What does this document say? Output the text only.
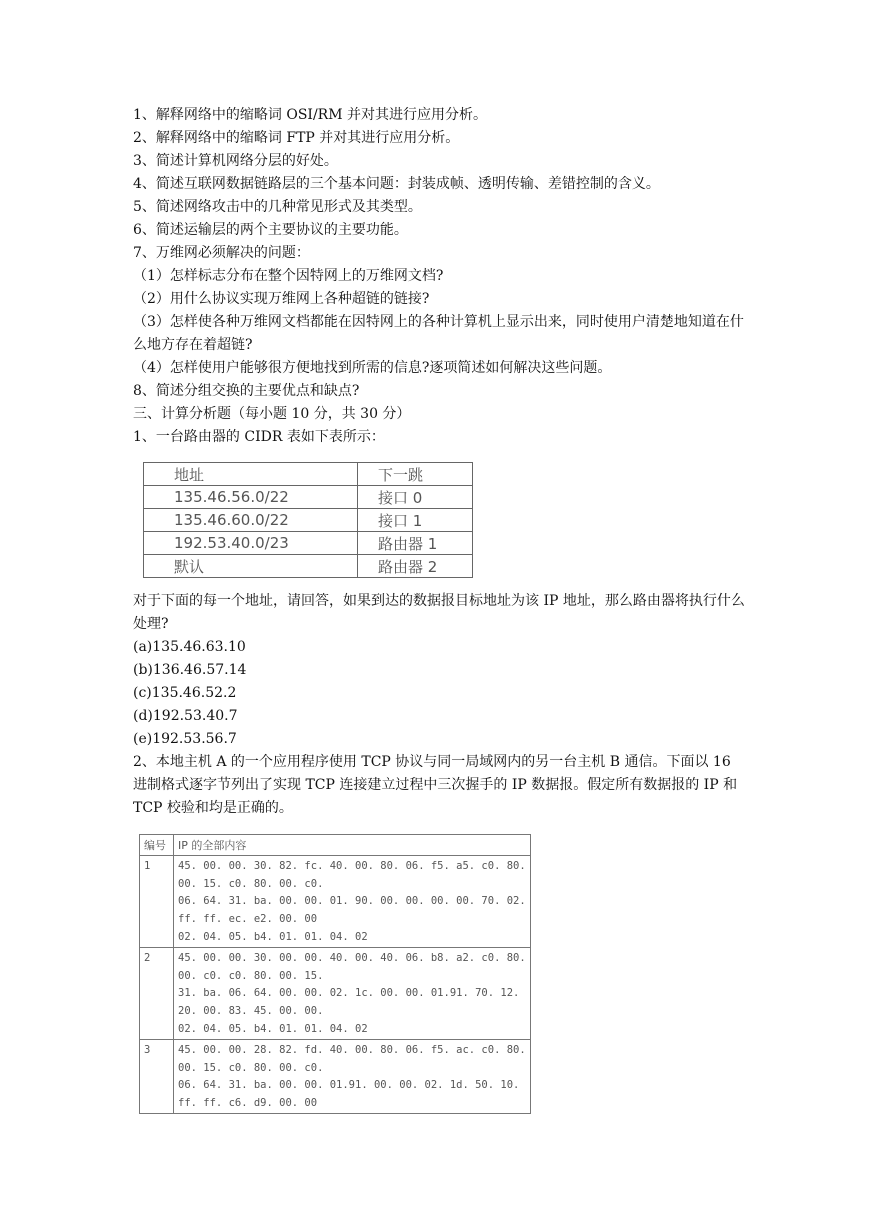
1、解释网络中的缩略词 OSI/RM 并对其进行应用分析。
2、解释网络中的缩略词 FTP 并对其进行应用分析。
3、简述计算机网络分层的好处。
4、简述互联网数据链路层的三个基本问题：封装成帧、透明传输、差错控制的含义。
5、简述网络攻击中的几种常见形式及其类型。
6、简述运输层的两个主要协议的主要功能。
7、万维网必须解决的问题：
（1）怎样标志分布在整个因特网上的万维网文档?
（2）用什么协议实现万维网上各种超链的链接?
（3）怎样使各种万维网文档都能在因特网上的各种计算机上显示出来，同时使用户清楚地知道在什么地方存在着超链?
（4）怎样使用户能够很方便地找到所需的信息?逐项简述如何解决这些问题。
8、简述分组交换的主要优点和缺点?
三、计算分析题（每小题 10 分，共 30 分）
1、一台路由器的 CIDR 表如下表所示：
地址	下一跳
135.46.56.0/22	接口 0
135.46.60.0/22	接口 1
192.53.40.0/23	路由器 1
默认	路由器 2
对于下面的每一个地址，请回答，如果到达的数据报目标地址为该 IP 地址，那么路由器将执行什么处理?
(a)135.46.63.10
(b)136.46.57.14
(c)135.46.52.2
(d)192.53.40.7
(e)192.53.56.7
2、本地主机 A 的一个应用程序使用 TCP 协议与同一局域网内的另一台主机 B 通信。下面以 16 进制格式逐字节列出了实现 TCP 连接建立过程中三次握手的 IP 数据报。假定所有数据报的 IP 和 TCP 校验和均是正确的。
编号	IP 的全部内容
1	45. 00. 00. 30. 82. fc. 40. 00. 80. 06. f5. a5. c0. 80.
00. 15. c0. 80. 00. c0.
06. 64. 31. ba. 00. 00. 01. 90. 00. 00. 00. 00. 70. 02.
ff. ff. ec. e2. 00. 00
02. 04. 05. b4. 01. 01. 04. 02

2	45. 00. 00. 30. 00. 00. 40. 00. 40. 06. b8. a2. c0. 80.
00. c0. c0. 80. 00. 15.
31. ba. 06. 64. 00. 00. 02. 1c. 00. 00. 01.91. 70. 12.
20. 00. 83. 45. 00. 00.
02. 04. 05. b4. 01. 01. 04. 02

3	45. 00. 00. 28. 82. fd. 40. 00. 80. 06. f5. ac. c0. 80.
00. 15. c0. 80. 00. c0.
06. 64. 31. ba. 00. 00. 01.91. 00. 00. 02. 1d. 50. 10.
ff. ff. c6. d9. 00. 00
